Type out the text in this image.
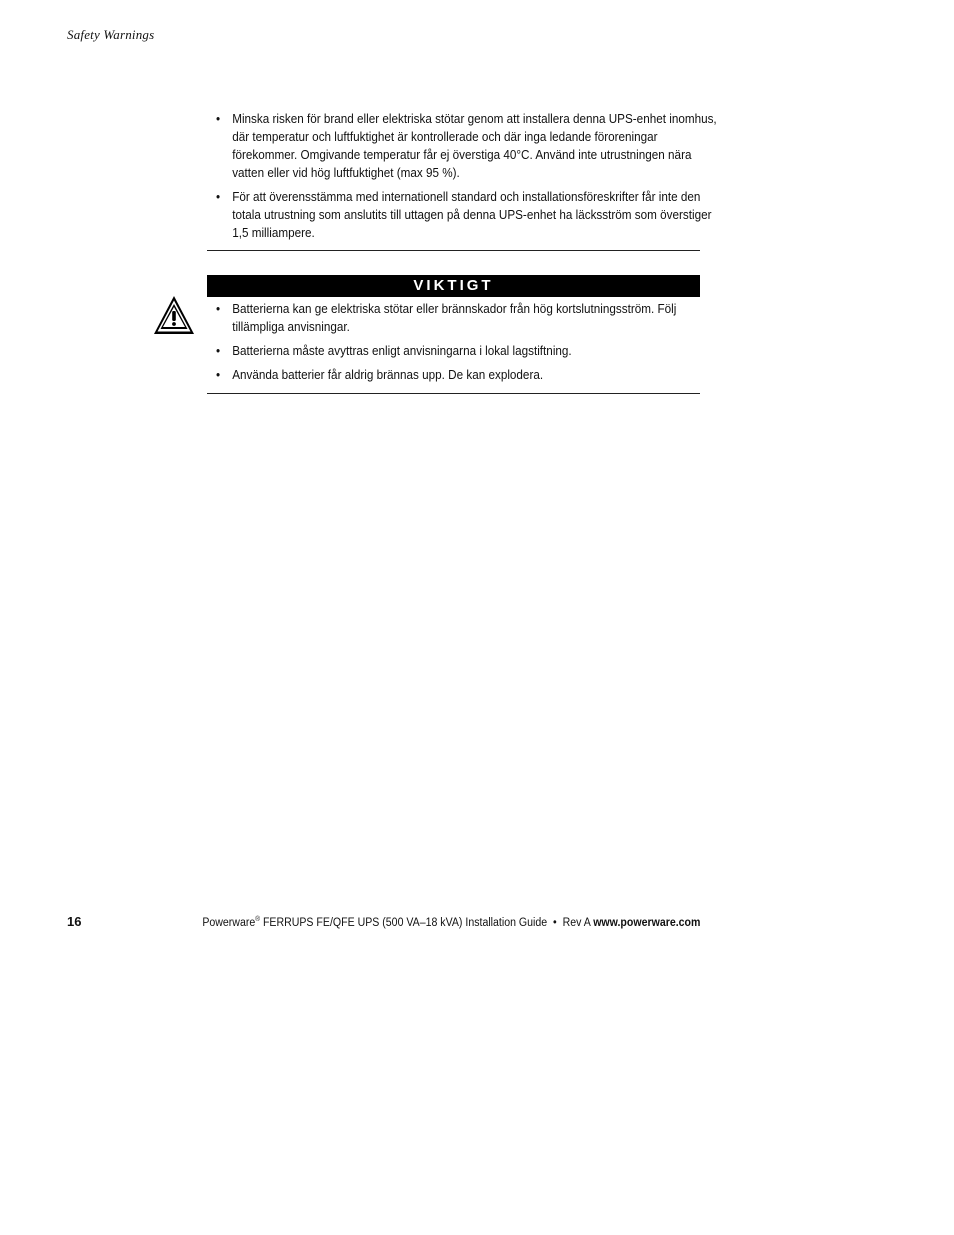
Safety Warnings
• Minska risken för brand eller elektriska stötar genom att installera denna UPS-enhet inomhus, där temperatur och luftfuktighet är kontrollerade och där inga ledande föroreningar förekommer. Omgivande temperatur får ej överstiga 40°C. Använd inte utrustningen nära vatten eller vid hög luftfuktighet (max 95 %).
• För att överensstämma med internationell standard och installationsföreskrifter får inte den totala utrustning som anslutits till uttagen på denna UPS-enhet ha läcksström som överstiger 1,5 milliampere.
VIKTIGT
• Batterierna kan ge elektriska stötar eller brännskador från hög kortslutningsström. Följ tillämpliga anvisningar.
• Batterierna måste avyttras enligt anvisningarna i lokal lagstiftning.
• Använda batterier får aldrig brännas upp. De kan explodera.
16	Powerware® FERRUPS FE/QFE UPS (500 VA–18 kVA) Installation Guide  •  Rev A www.powerware.com
